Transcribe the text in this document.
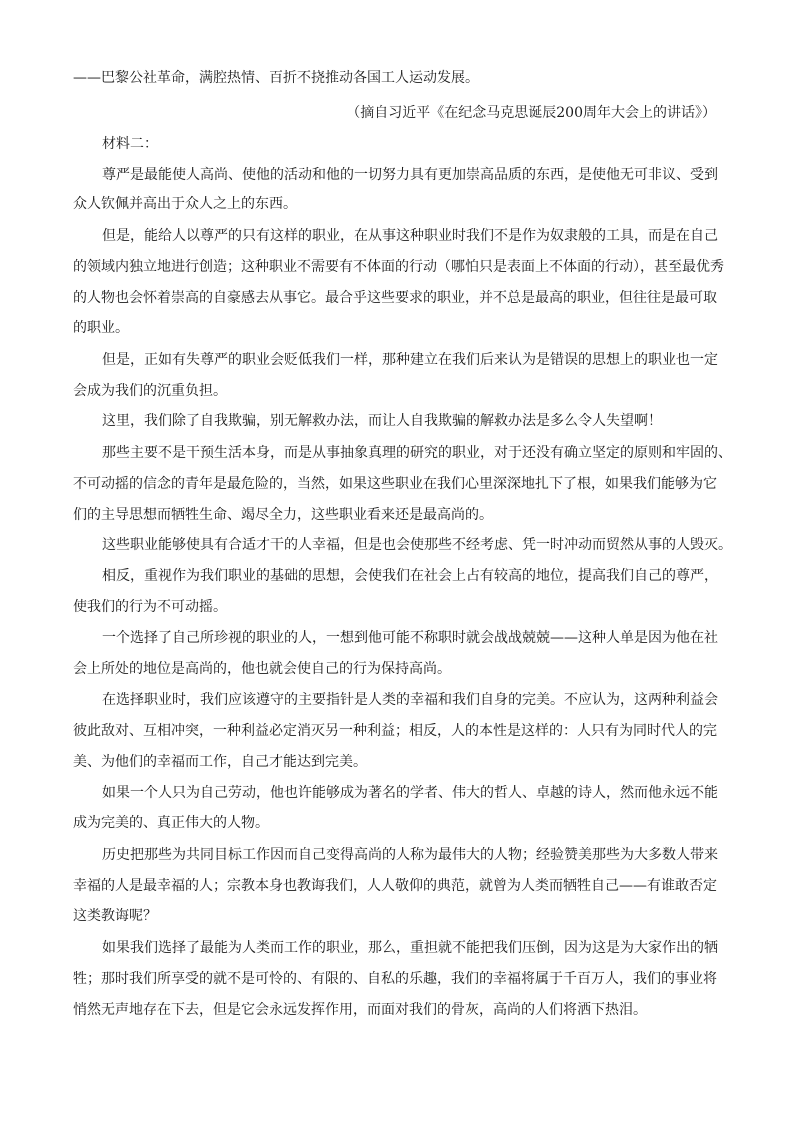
——巴黎公社革命，满腔热情、百折不挠推动各国工人运动发展。
（摘自习近平《在纪念马克思诞辰200周年大会上的讲话》）
材料二：
尊严是最能使人高尚、使他的活动和他的一切努力具有更加崇高品质的东西，是使他无可非议、受到
众人钦佩并高出于众人之上的东西。
但是，能给人以尊严的只有这样的职业，在从事这种职业时我们不是作为奴隶般的工具，而是在自己
的领域内独立地进行创造；这种职业不需要有不体面的行动（哪怕只是表面上不体面的行动），甚至最优秀
的人物也会怀着崇高的自豪感去从事它。最合乎这些要求的职业，并不总是最高的职业，但往往是最可取
的职业。
但是，正如有失尊严的职业会贬低我们一样，那种建立在我们后来认为是错误的思想上的职业也一定
会成为我们的沉重负担。
这里，我们除了自我欺骗，别无解救办法，而让人自我欺骗的解救办法是多么令人失望啊！
那些主要不是干预生活本身，而是从事抽象真理的研究的职业，对于还没有确立坚定的原则和牢固的、
不可动摇的信念的青年是最危险的，当然，如果这些职业在我们心里深深地扎下了根，如果我们能够为它
们的主导思想而牺牲生命、竭尽全力，这些职业看来还是最高尚的。
这些职业能够使具有合适才干的人幸福，但是也会使那些不经考虑、凭一时冲动而贸然从事的人毁灭。
相反，重视作为我们职业的基础的思想，会使我们在社会上占有较高的地位，提高我们自己的尊严，
使我们的行为不可动摇。
一个选择了自己所珍视的职业的人，一想到他可能不称职时就会战战兢兢——这种人单是因为他在社
会上所处的地位是高尚的，他也就会使自己的行为保持高尚。
在选择职业时，我们应该遵守的主要指针是人类的幸福和我们自身的完美。不应认为，这两种利益会
彼此敌对、互相冲突，一种利益必定消灭另一种利益；相反，人的本性是这样的：人只有为同时代人的完
美、为他们的幸福而工作，自己才能达到完美。
如果一个人只为自己劳动，他也许能够成为著名的学者、伟大的哲人、卓越的诗人，然而他永远不能
成为完美的、真正伟大的人物。
历史把那些为共同目标工作因而自己变得高尚的人称为最伟大的人物；经验赞美那些为大多数人带来
幸福的人是最幸福的人；宗教本身也教诲我们，人人敬仰的典范，就曾为人类而牺牲自己——有谁敢否定
这类教诲呢？
如果我们选择了最能为人类而工作的职业，那么，重担就不能把我们压倒，因为这是为大家作出的牺
牲；那时我们所享受的就不是可怜的、有限的、自私的乐趣，我们的幸福将属于千百万人，我们的事业将
悄然无声地存在下去，但是它会永远发挥作用，而面对我们的骨灰，高尚的人们将洒下热泪。
